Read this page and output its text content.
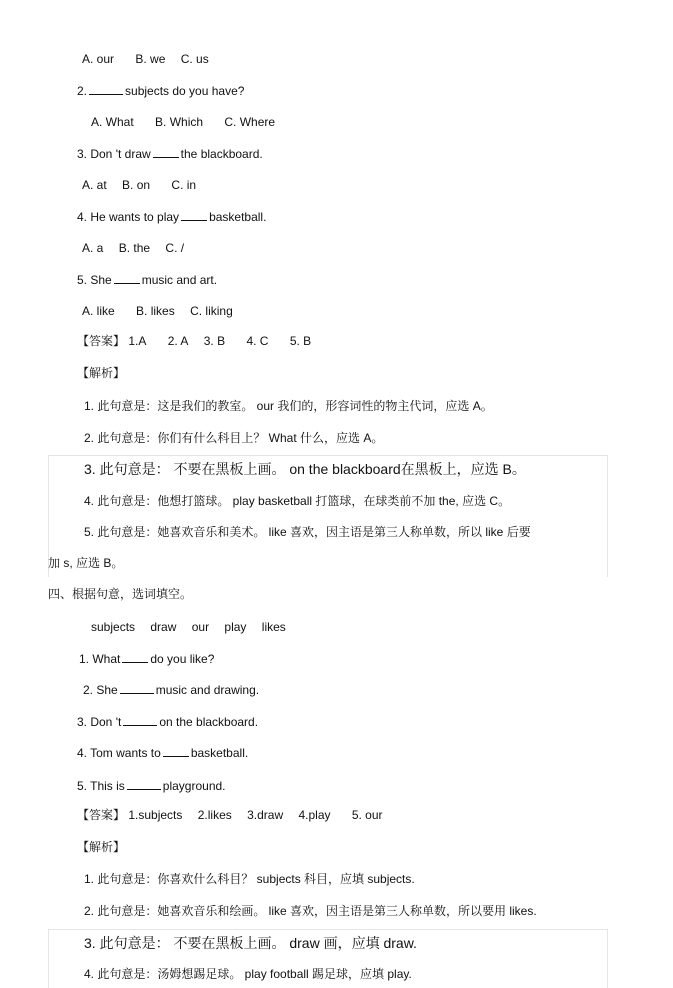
A. our B. we C. us
2.	subjects do you have?
A. What B. Which C. Where
3. Don 't draw	the blackboard.
A. at B. on C. in
4. He wants to play	basketball.
A. a B. the C. /
5. She	music and art.
A. like B. likes C. liking
【答案】 1.A 2. A 3. B 4. C 5. B
【解析】
1. 此句意是：这是我们的教室。 our 我们的，形容词性的物主代词，应选 A。
2. 此句意是：你们有什么科目上？ What 什么，应选 A。
3. 此句意是： 不要在黑板上画。 on the blackboard在黑板上，应选 B。
4. 此句意是：他想打篮球。 play basketball 打篮球，在球类前不加 the, 应选 C。
5. 此句意是：她喜欢音乐和美术。 like 喜欢，因主语是第三人称单数，所以 like 后要
加 s, 应选 B。
四、根据句意，选词填空。
subjects draw our play likes
1. What	do you like?
2. She	music and drawing.
3. Don 't	on the blackboard.
4. Tom wants to	basketball.
5. This is	playground.
【答案】 1.subjects 2.likes 3.draw 4.play 5. our
【解析】
1. 此句意是：你喜欢什么科目？ subjects 科目，应填 subjects.
2. 此句意是：她喜欢音乐和绘画。 like 喜欢，因主语是第三人称单数，所以要用 likes.
3. 此句意是： 不要在黑板上画。 draw 画，应填 draw.
4. 此句意是：汤姆想踢足球。 play football 踢足球，应填 play.
